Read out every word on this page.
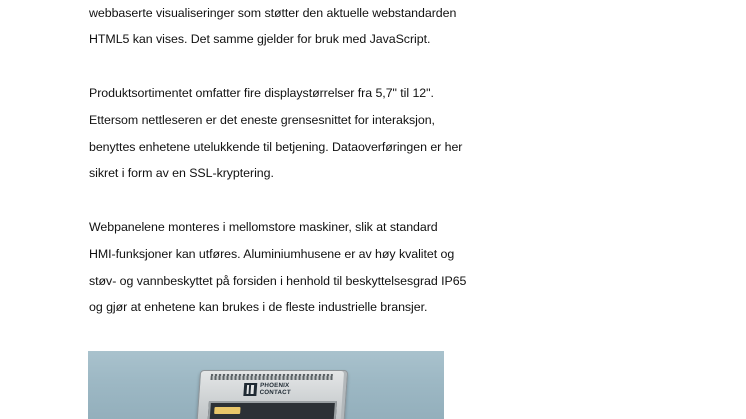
webbaserte visualiseringer som støtter den aktuelle webstandarden
HTML5 kan vises. Det samme gjelder for bruk med JavaScript.
Produktsortimentet omfatter fire displaystørrelser fra 5,7" til 12".
Ettersom nettleseren er det eneste grensesnittet for interaksjon,
benyttes enhetene utelukkende til betjening. Dataoverføringen er her
sikret i form av en SSL-kryptering.
Webpanelene monteres i mellomstore maskiner, slik at standard
HMI-funksjoner kan utføres. Aluminiumhusene er av høy kvalitet og
støv- og vannbeskyttet på forsiden i henhold til beskyttelsesgrad IP65
og gjør at enhetene kan brukes i de fleste industrielle bransjer.
PHOENIX
CONTACT
